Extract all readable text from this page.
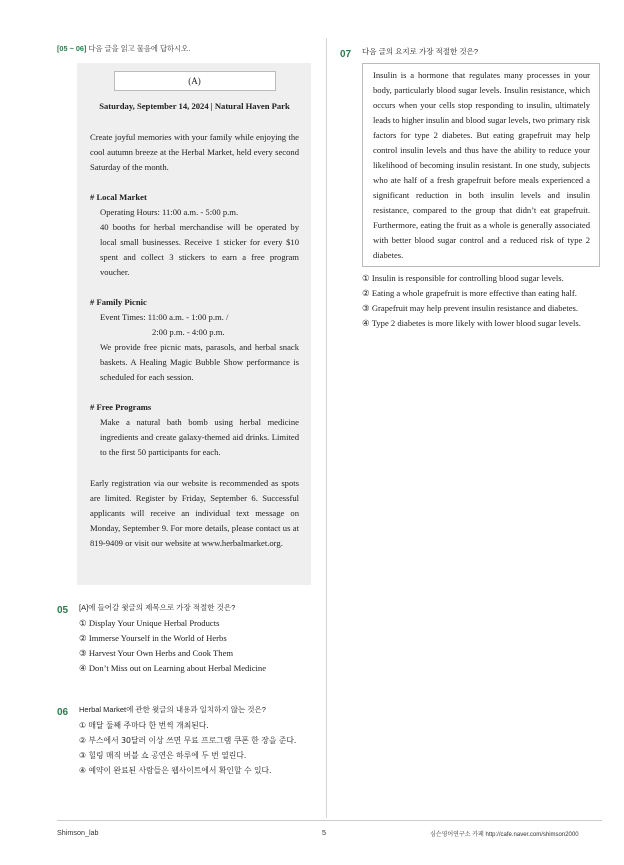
[05 ~ 06] 다음 글을 읽고 물음에 답하시오.
(A)
Saturday, September 14, 2024 | Natural Haven Park
Create joyful memories with your family while enjoying the cool autumn breeze at the Herbal Market, held every second Saturday of the month.
# Local Market
Operating Hours: 11:00 a.m. - 5:00 p.m.
40 booths for herbal merchandise will be operated by local small businesses. Receive 1 sticker for every $10 spent and collect 3 stickers to earn a free program voucher.
# Family Picnic
Event Times: 11:00 a.m. - 1:00 p.m. /
2:00 p.m. - 4:00 p.m.
We provide free picnic mats, parasols, and herbal snack baskets. A Healing Magic Bubble Show performance is scheduled for each session.
# Free Programs
Make a natural bath bomb using herbal medicine ingredients and create galaxy-themed aid drinks. Limited to the first 50 participants for each.
Early registration via our website is recommended as spots are limited. Register by Friday, September 6. Successful applicants will receive an individual text message on Monday, September 9. For more details, please contact us at 819-9409 or visit our website at www.herbalmarket.org.
05 [A]에 들어갈 윗글의 제목으로 가장 적절한 것은?
① Display Your Unique Herbal Products
② Immerse Yourself in the World of Herbs
③ Harvest Your Own Herbs and Cook Them
④ Don’t Miss out on Learning about Herbal Medicine
06 Herbal Market에 관한 윗글의 내용과 일치하지 않는 것은?
① 매달 둘째 주마다 한 번씩 개최된다.
② 부스에서 30달러 이상 쓰면 무료 프로그램 쿠폰 한 장을 준다.
③ 힐링 매직 버블 쇼 공연은 하루에 두 번 열린다.
④ 예약이 완료된 사람들은 웹사이트에서 확인할 수 있다.
07 다음 글의 요지로 가장 적절한 것은?
Insulin is a hormone that regulates many processes in your body, particularly blood sugar levels. Insulin resistance, which occurs when your cells stop responding to insulin, ultimately leads to higher insulin and blood sugar levels, two primary risk factors for type 2 diabetes. But eating grapefruit may help control insulin levels and thus have the ability to reduce your likelihood of becoming insulin resistant. In one study, subjects who ate half of a fresh grapefruit before meals experienced a significant reduction in both insulin levels and insulin resistance, compared to the group that didn’t eat grapefruit. Furthermore, eating the fruit as a whole is generally associated with better blood sugar control and a reduced risk of type 2 diabetes.
① Insulin is responsible for controlling blood sugar levels.
② Eating a whole grapefruit is more effective than eating half.
③ Grapefruit may help prevent insulin resistance and diabetes.
④ Type 2 diabetes is more likely with lower blood sugar levels.
Shimson_lab	5	심슨영어연구소 카페 http://cafe.naver.com/shimson2000
